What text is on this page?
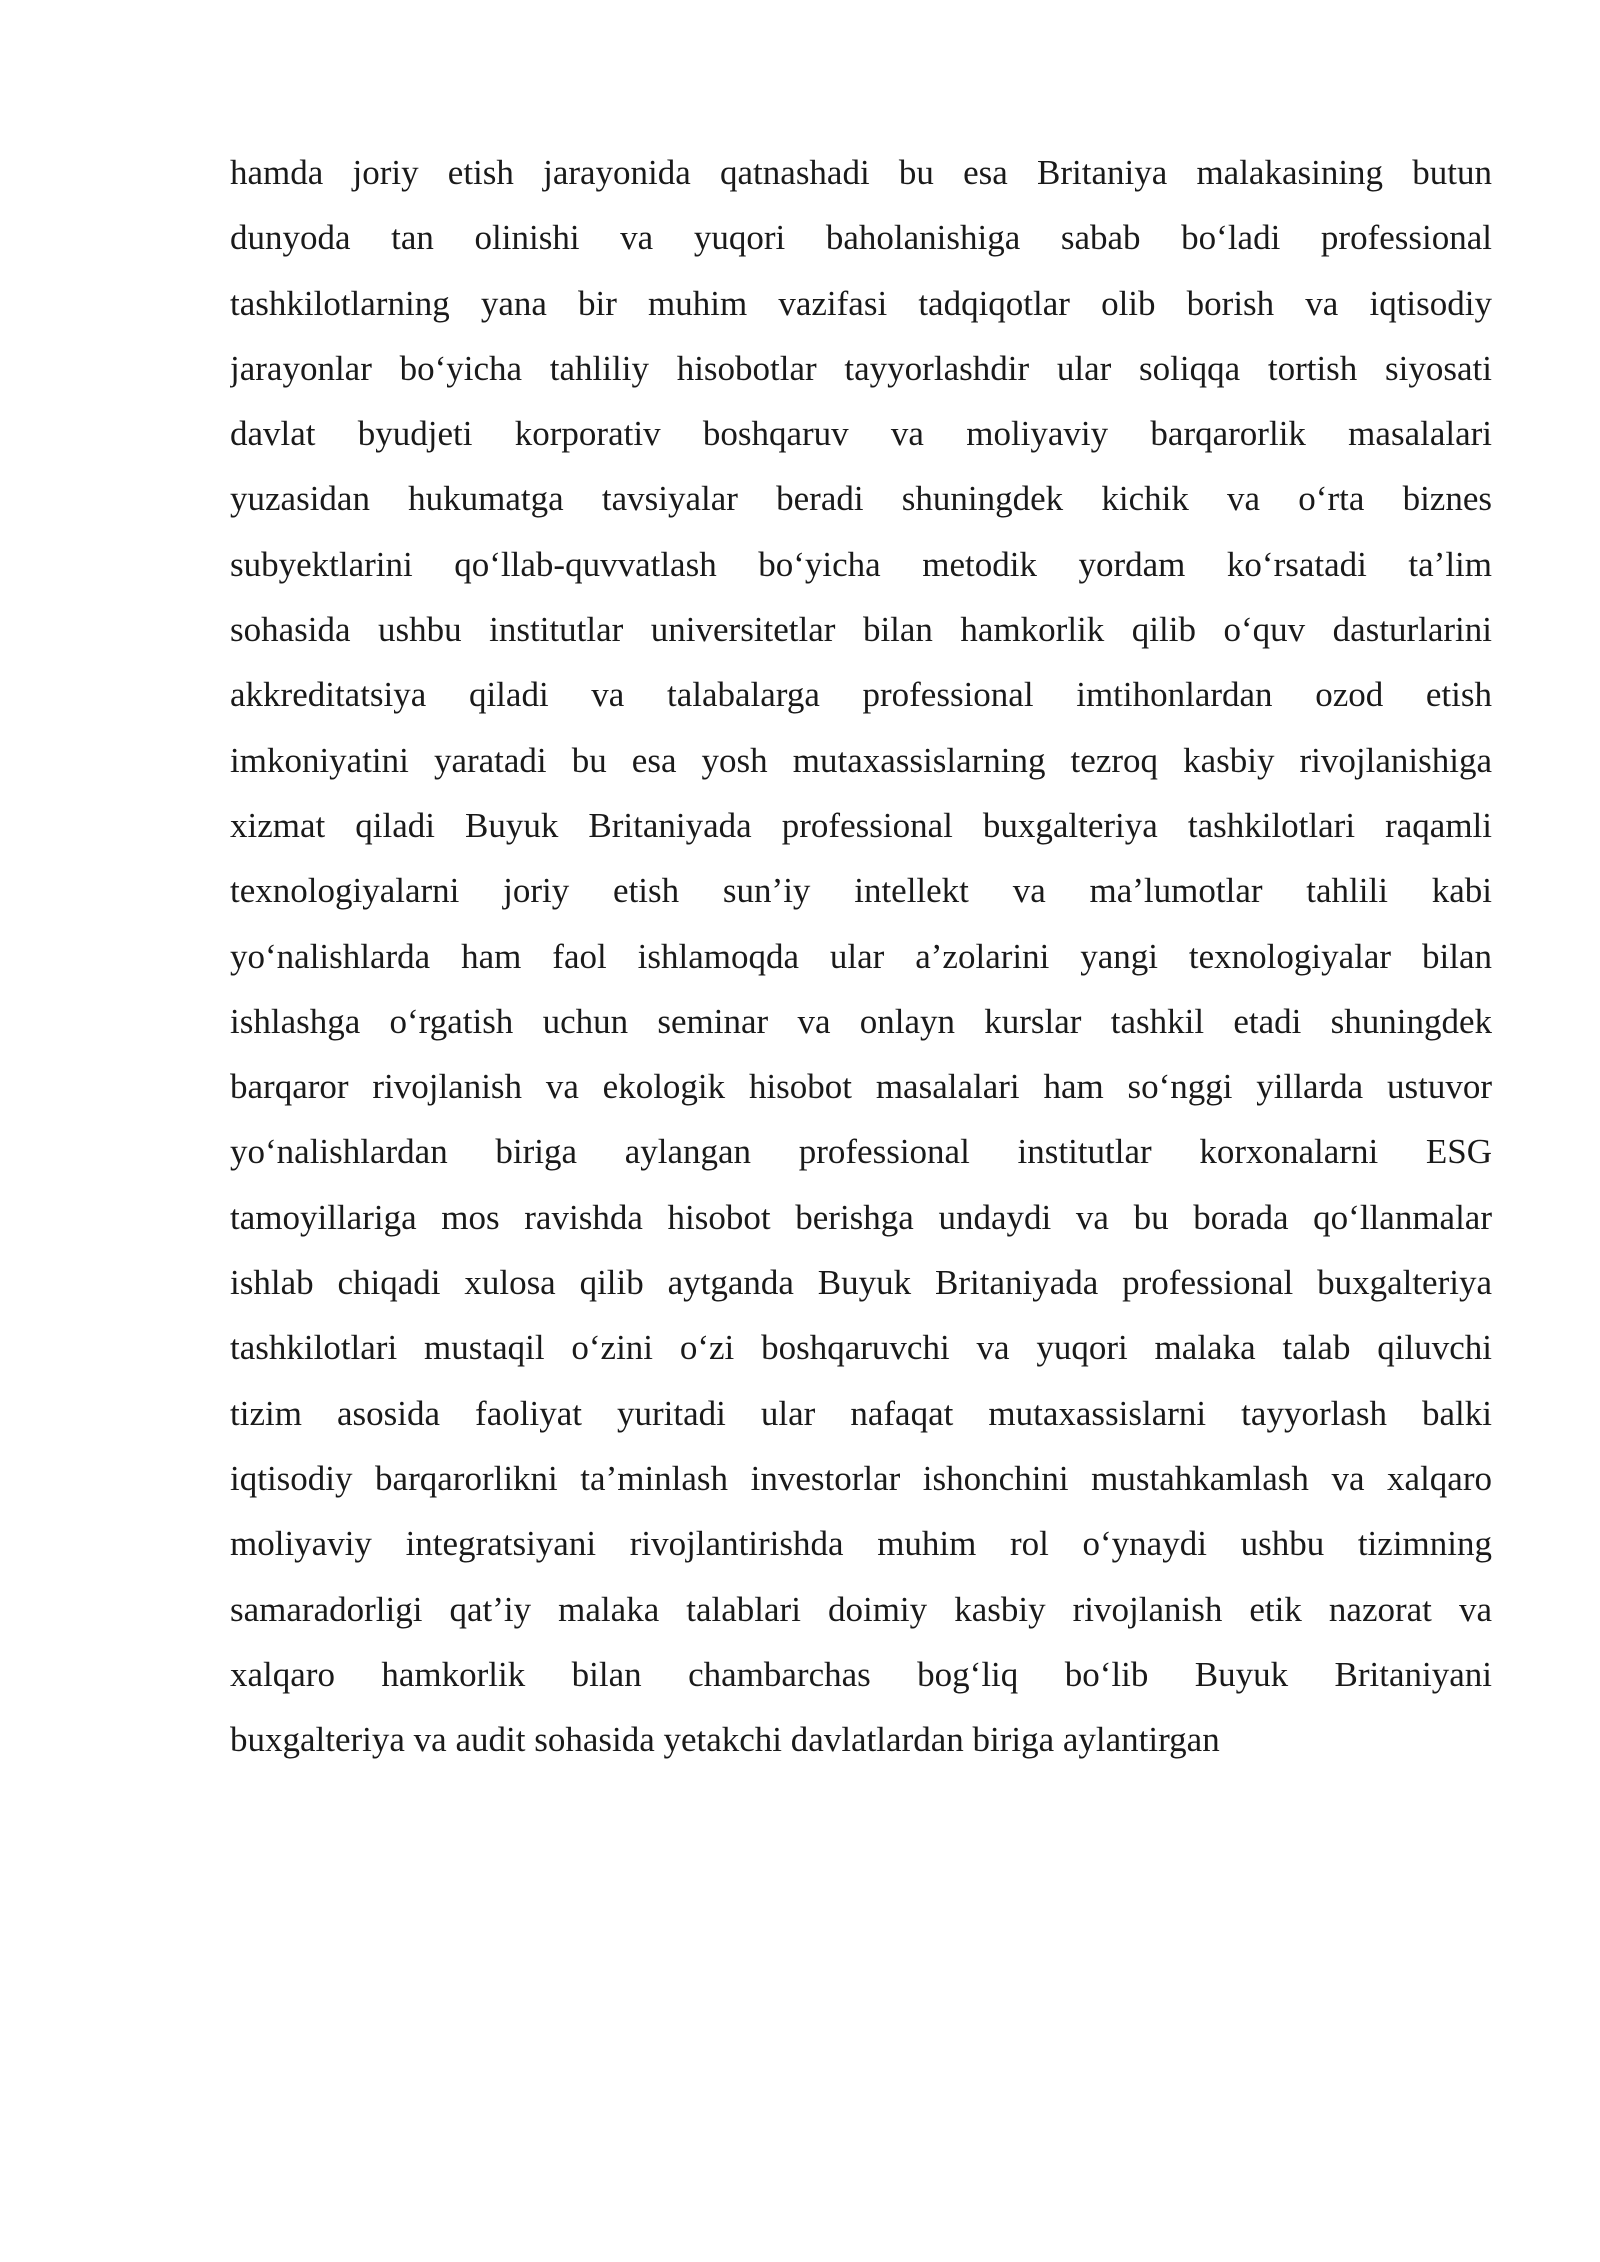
hamda joriy etish jarayonida qatnashadi bu esa Britaniya malakasining butun
dunyoda tan olinishi va yuqori baholanishiga sabab bo‘ladi professional
tashkilotlarning yana bir muhim vazifasi tadqiqotlar olib borish va iqtisodiy
jarayonlar bo‘yicha tahliliy hisobotlar tayyorlashdir ular soliqqa tortish siyosati
davlat byudjeti korporativ boshqaruv va moliyaviy barqarorlik masalalari
yuzasidan hukumatga tavsiyalar beradi shuningdek kichik va o‘rta biznes
subyektlarini qo‘llab-quvvatlash bo‘yicha metodik yordam ko‘rsatadi ta’lim
sohasida ushbu institutlar universitetlar bilan hamkorlik qilib o‘quv dasturlarini
akkreditatsiya qiladi va talabalarga professional imtihonlardan ozod etish
imkoniyatini yaratadi bu esa yosh mutaxassislarning tezroq kasbiy rivojlanishiga
xizmat qiladi Buyuk Britaniyada professional buxgalteriya tashkilotlari raqamli
texnologiyalarni joriy etish sun’iy intellekt va ma’lumotlar tahlili kabi
yo‘nalishlarda ham faol ishlamoqda ular a’zolarini yangi texnologiyalar bilan
ishlashga o‘rgatish uchun seminar va onlayn kurslar tashkil etadi shuningdek
barqaror rivojlanish va ekologik hisobot masalalari ham so‘nggi yillarda ustuvor
yo‘nalishlardan biriga aylangan professional institutlar korxonalarni ESG
tamoyillariga mos ravishda hisobot berishga undaydi va bu borada qo‘llanmalar
ishlab chiqadi xulosa qilib aytganda Buyuk Britaniyada professional buxgalteriya
tashkilotlari mustaqil o‘zini o‘zi boshqaruvchi va yuqori malaka talab qiluvchi
tizim asosida faoliyat yuritadi ular nafaqat mutaxassislarni tayyorlash balki
iqtisodiy barqarorlikni ta’minlash investorlar ishonchini mustahkamlash va xalqaro
moliyaviy integratsiyani rivojlantirishda muhim rol o‘ynaydi ushbu tizimning
samaradorligi qat’iy malaka talablari doimiy kasbiy rivojlanish etik nazorat va
xalqaro hamkorlik bilan chambarchas bog‘liq bo‘lib Buyuk Britaniyani
buxgalteriya va audit sohasida yetakchi davlatlardan biriga aylantirgan
